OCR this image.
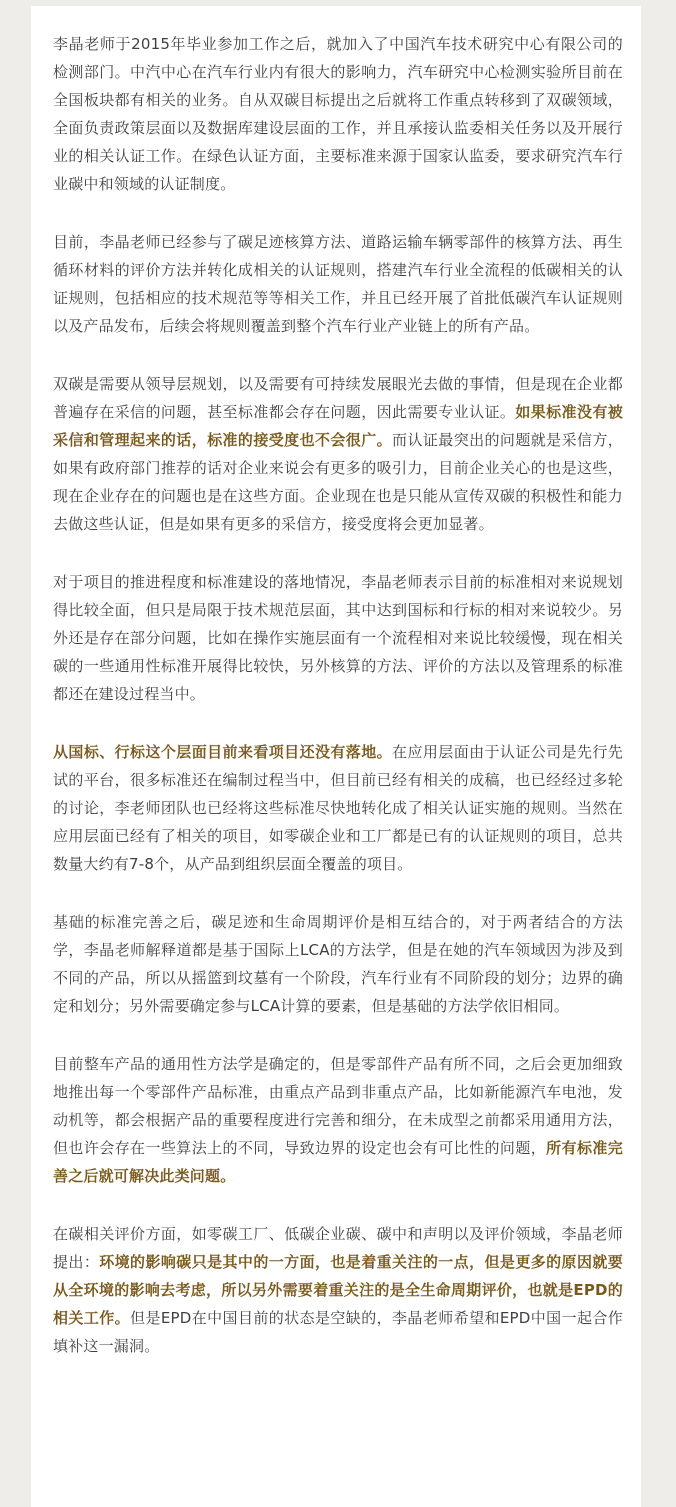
李晶老师于2015年毕业参加工作之后，就加入了中国汽车技术研究中心有限公司的检测部门。中汽中心在汽车行业内有很大的影响力，汽车研究中心检测实验所目前在全国板块都有相关的业务。自从双碳目标提出之后就将工作重点转移到了双碳领域，全面负责政策层面以及数据库建设层面的工作，并且承接认监委相关任务以及开展行业的相关认证工作。在绿色认证方面，主要标准来源于国家认监委，要求研究汽车行业碳中和领域的认证制度。

目前，李晶老师已经参与了碳足迹核算方法、道路运输车辆零部件的核算方法、再生循环材料的评价方法并转化成相关的认证规则，搭建汽车行业全流程的低碳相关的认证规则，包括相应的技术规范等等相关工作，并且已经开展了首批低碳汽车认证规则以及产品发布，后续会将规则覆盖到整个汽车行业产业链上的所有产品。

双碳是需要从领导层规划，以及需要有可持续发展眼光去做的事情，但是现在企业都普遍存在采信的问题，甚至标准都会存在问题，因此需要专业认证。如果标准没有被采信和管理起来的话，标准的接受度也不会很广。而认证最突出的问题就是采信方，如果有政府部门推荐的话对企业来说会有更多的吸引力，目前企业关心的也是这些，现在企业存在的问题也是在这些方面。企业现在也是只能从宣传双碳的积极性和能力去做这些认证，但是如果有更多的采信方，接受度将会更加显著。

对于项目的推进程度和标准建设的落地情况，李晶老师表示目前的标准相对来说规划得比较全面，但只是局限于技术规范层面，其中达到国标和行标的相对来说较少。另外还是存在部分问题，比如在操作实施层面有一个流程相对来说比较缓慢，现在相关碳的一些通用性标准开展得比较快，另外核算的方法、评价的方法以及管理系的标准都还在建设过程当中。

从国标、行标这个层面目前来看项目还没有落地。在应用层面由于认证公司是先行先试的平台，很多标准还在编制过程当中，但目前已经有相关的成稿，也已经经过多轮的讨论，李老师团队也已经将这些标准尽快地转化成了相关认证实施的规则。当然在应用层面已经有了相关的项目，如零碳企业和工厂都是已有的认证规则的项目，总共数量大约有7-8个，从产品到组织层面全覆盖的项目。

基础的标准完善之后，碳足迹和生命周期评价是相互结合的，对于两者结合的方法学，李晶老师解释道都是基于国际上LCA的方法学，但是在她的汽车领域因为涉及到不同的产品，所以从摇篮到坟墓有一个阶段，汽车行业有不同阶段的划分；边界的确定和划分；另外需要确定参与LCA计算的要素，但是基础的方法学依旧相同。

目前整车产品的通用性方法学是确定的，但是零部件产品有所不同，之后会更加细致地推出每一个零部件产品标准，由重点产品到非重点产品，比如新能源汽车电池，发动机等，都会根据产品的重要程度进行完善和细分，在未成型之前都采用通用方法，但也许会存在一些算法上的不同，导致边界的设定也会有可比性的问题，所有标准完善之后就可解决此类问题。

在碳相关评价方面，如零碳工厂、低碳企业碳、碳中和声明以及评价领域，李晶老师提出：环境的影响碳只是其中的一方面，也是着重关注的一点，但是更多的原因就要从全环境的影响去考虑，所以另外需要着重关注的是全生命周期评价，也就是EPD的相关工作。但是EPD在中国目前的状态是空缺的，李晶老师希望和EPD中国一起合作填补这一漏洞。
